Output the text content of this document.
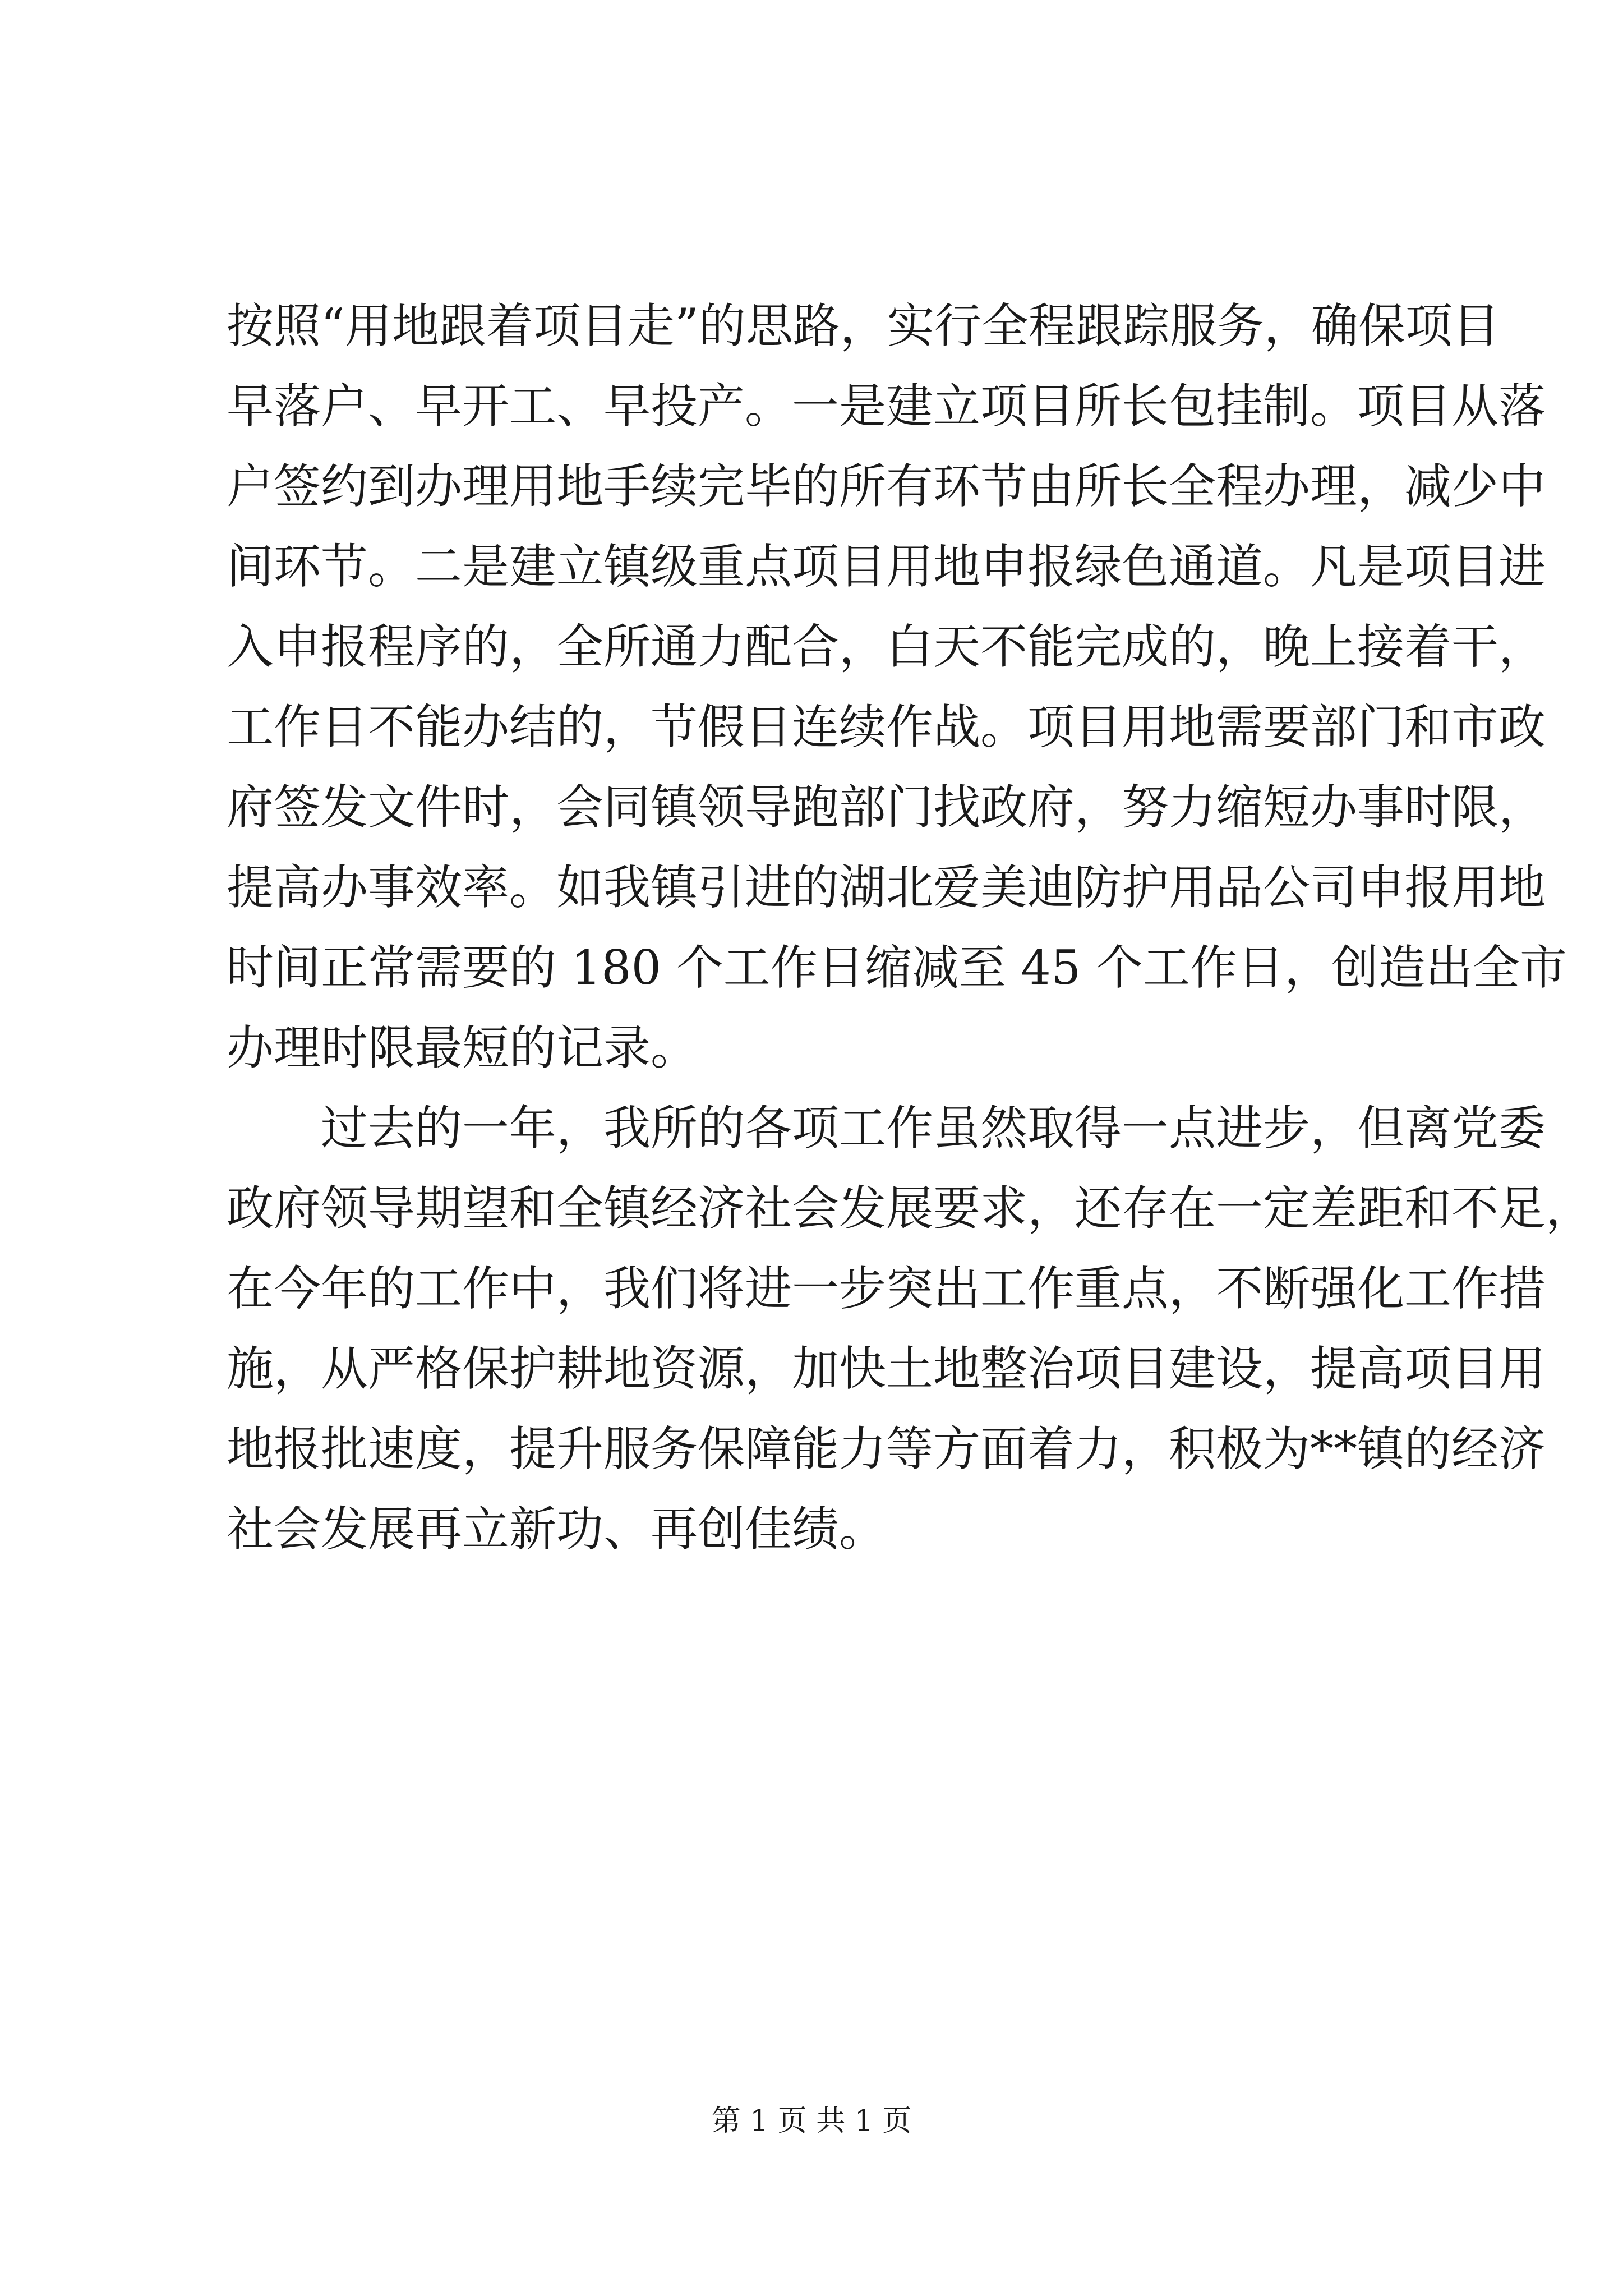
按照“用地跟着项目走”的思路，实行全程跟踪服务，确保项目
早落户、早开工、早投产。一是建立项目所长包挂制。项目从落
户签约到办理用地手续完毕的所有环节由所长全程办理，减少中
间环节。二是建立镇级重点项目用地申报绿色通道。凡是项目进
入申报程序的，全所通力配合，白天不能完成的，晚上接着干，
工作日不能办结的，节假日连续作战。项目用地需要部门和市政
府签发文件时，会同镇领导跑部门找政府，努力缩短办事时限，
提高办事效率。如我镇引进的湖北爱美迪防护用品公司申报用地
时间正常需要的 180 个工作日缩减至 45 个工作日，创造出全市
办理时限最短的记录。
过去的一年，我所的各项工作虽然取得一点进步，但离党委
政府领导期望和全镇经济社会发展要求，还存在一定差距和不足，
在今年的工作中，我们将进一步突出工作重点，不断强化工作措
施，从严格保护耕地资源，加快土地整治项目建设，提高项目用
地报批速度，提升服务保障能力等方面着力，积极为**镇的经济
社会发展再立新功、再创佳绩。
第 1 页 共 1 页
